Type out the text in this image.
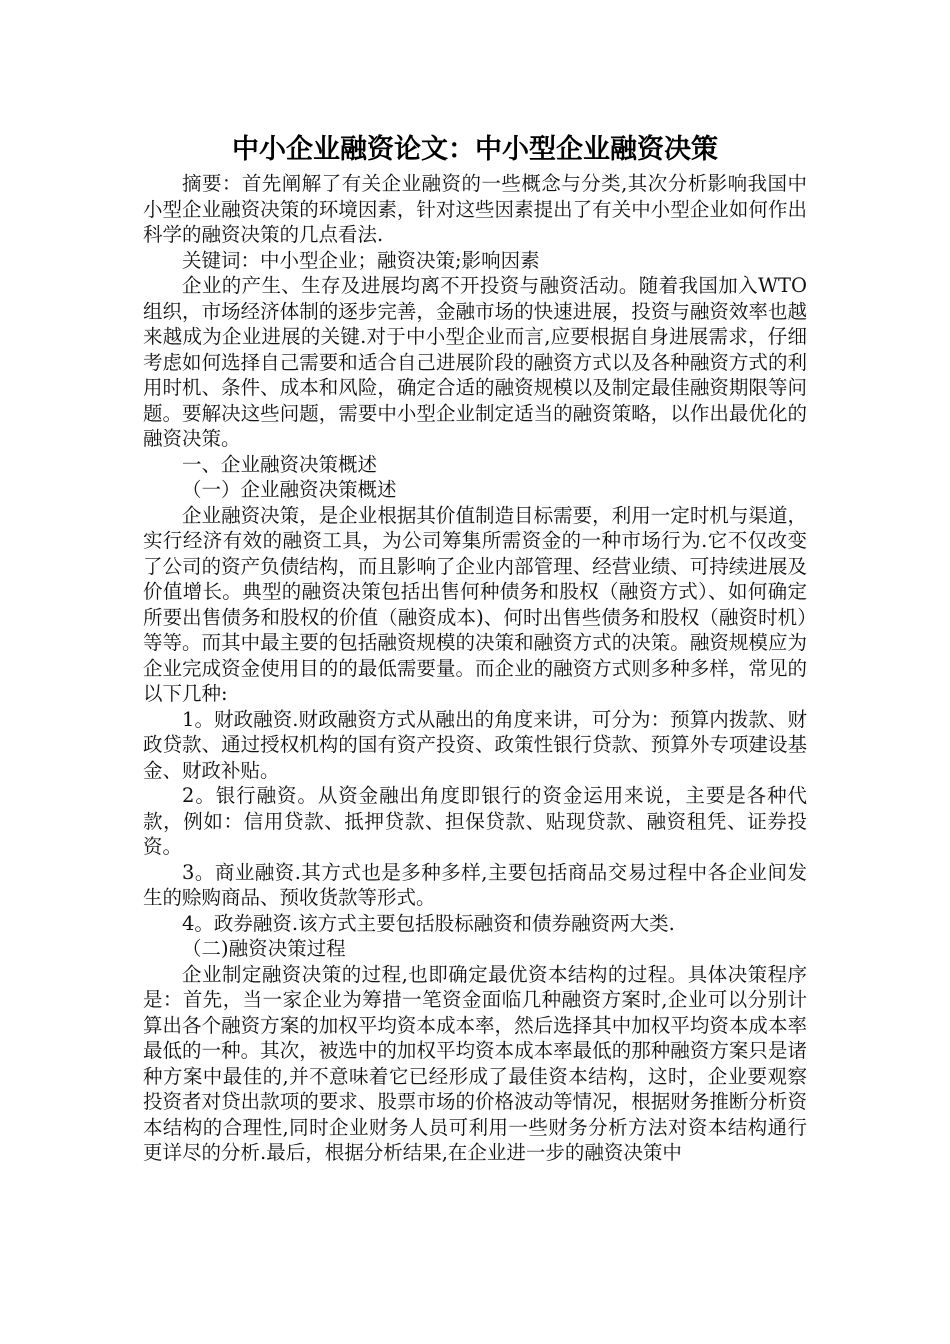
中小企业融资论文：中小型企业融资决策

摘要：首先阐解了有关企业融资的一些概念与分类,其次分析影响我国中小型企业融资决策的环境因素，针对这些因素提出了有关中小型企业如何作出科学的融资决策的几点看法.

关键词：中小型企业；融资决策;影响因素

企业的产生、生存及进展均离不开投资与融资活动。随着我国加入WTO组织，市场经济体制的逐步完善，金融市场的快速进展，投资与融资效率也越来越成为企业进展的关键.对于中小型企业而言,应要根据自身进展需求，仔细考虑如何选择自己需要和适合自己进展阶段的融资方式以及各种融资方式的利用时机、条件、成本和风险，确定合适的融资规模以及制定最佳融资期限等问题。要解决这些问题，需要中小型企业制定适当的融资策略，以作出最优化的融资决策。

一、企业融资决策概述

（一）企业融资决策概述

企业融资决策，是企业根据其价值制造目标需要，利用一定时机与渠道，实行经济有效的融资工具，为公司筹集所需资金的一种市场行为.它不仅改变了公司的资产负债结构，而且影响了企业内部管理、经营业绩、可持续进展及价值增长。典型的融资决策包括出售何种债务和股权（融资方式）、如何确定所要出售债务和股权的价值（融资成本)、何时出售些债务和股权（融资时机）等等。而其中最主要的包括融资规模的决策和融资方式的决策。融资规模应为企业完成资金使用目的的最低需要量。而企业的融资方式则多种多样，常见的以下几种:

1。财政融资.财政融资方式从融出的角度来讲，可分为：预算内拨款、财政贷款、通过授权机构的国有资产投资、政策性银行贷款、预算外专项建设基金、财政补贴。

2。银行融资。从资金融出角度即银行的资金运用来说，主要是各种代款，例如：信用贷款、抵押贷款、担保贷款、贴现贷款、融资租凭、证券投资。

3。商业融资.其方式也是多种多样,主要包括商品交易过程中各企业间发生的赊购商品、预收货款等形式。

4。政券融资.该方式主要包括股标融资和债券融资两大类.

（二)融资决策过程

企业制定融资决策的过程,也即确定最优资本结构的过程。具体决策程序是：首先，当一家企业为筹措一笔资金面临几种融资方案时,企业可以分别计算出各个融资方案的加权平均资本成本率，然后选择其中加权平均资本成本率最低的一种。其次，被选中的加权平均资本成本率最低的那种融资方案只是诸种方案中最佳的,并不意味着它已经形成了最佳资本结构，这时，企业要观察投资者对贷出款项的要求、股票市场的价格波动等情况，根据财务推断分析资本结构的合理性,同时企业财务人员可利用一些财务分析方法对资本结构通行更详尽的分析.最后，根据分析结果,在企业进一步的融资决策中
